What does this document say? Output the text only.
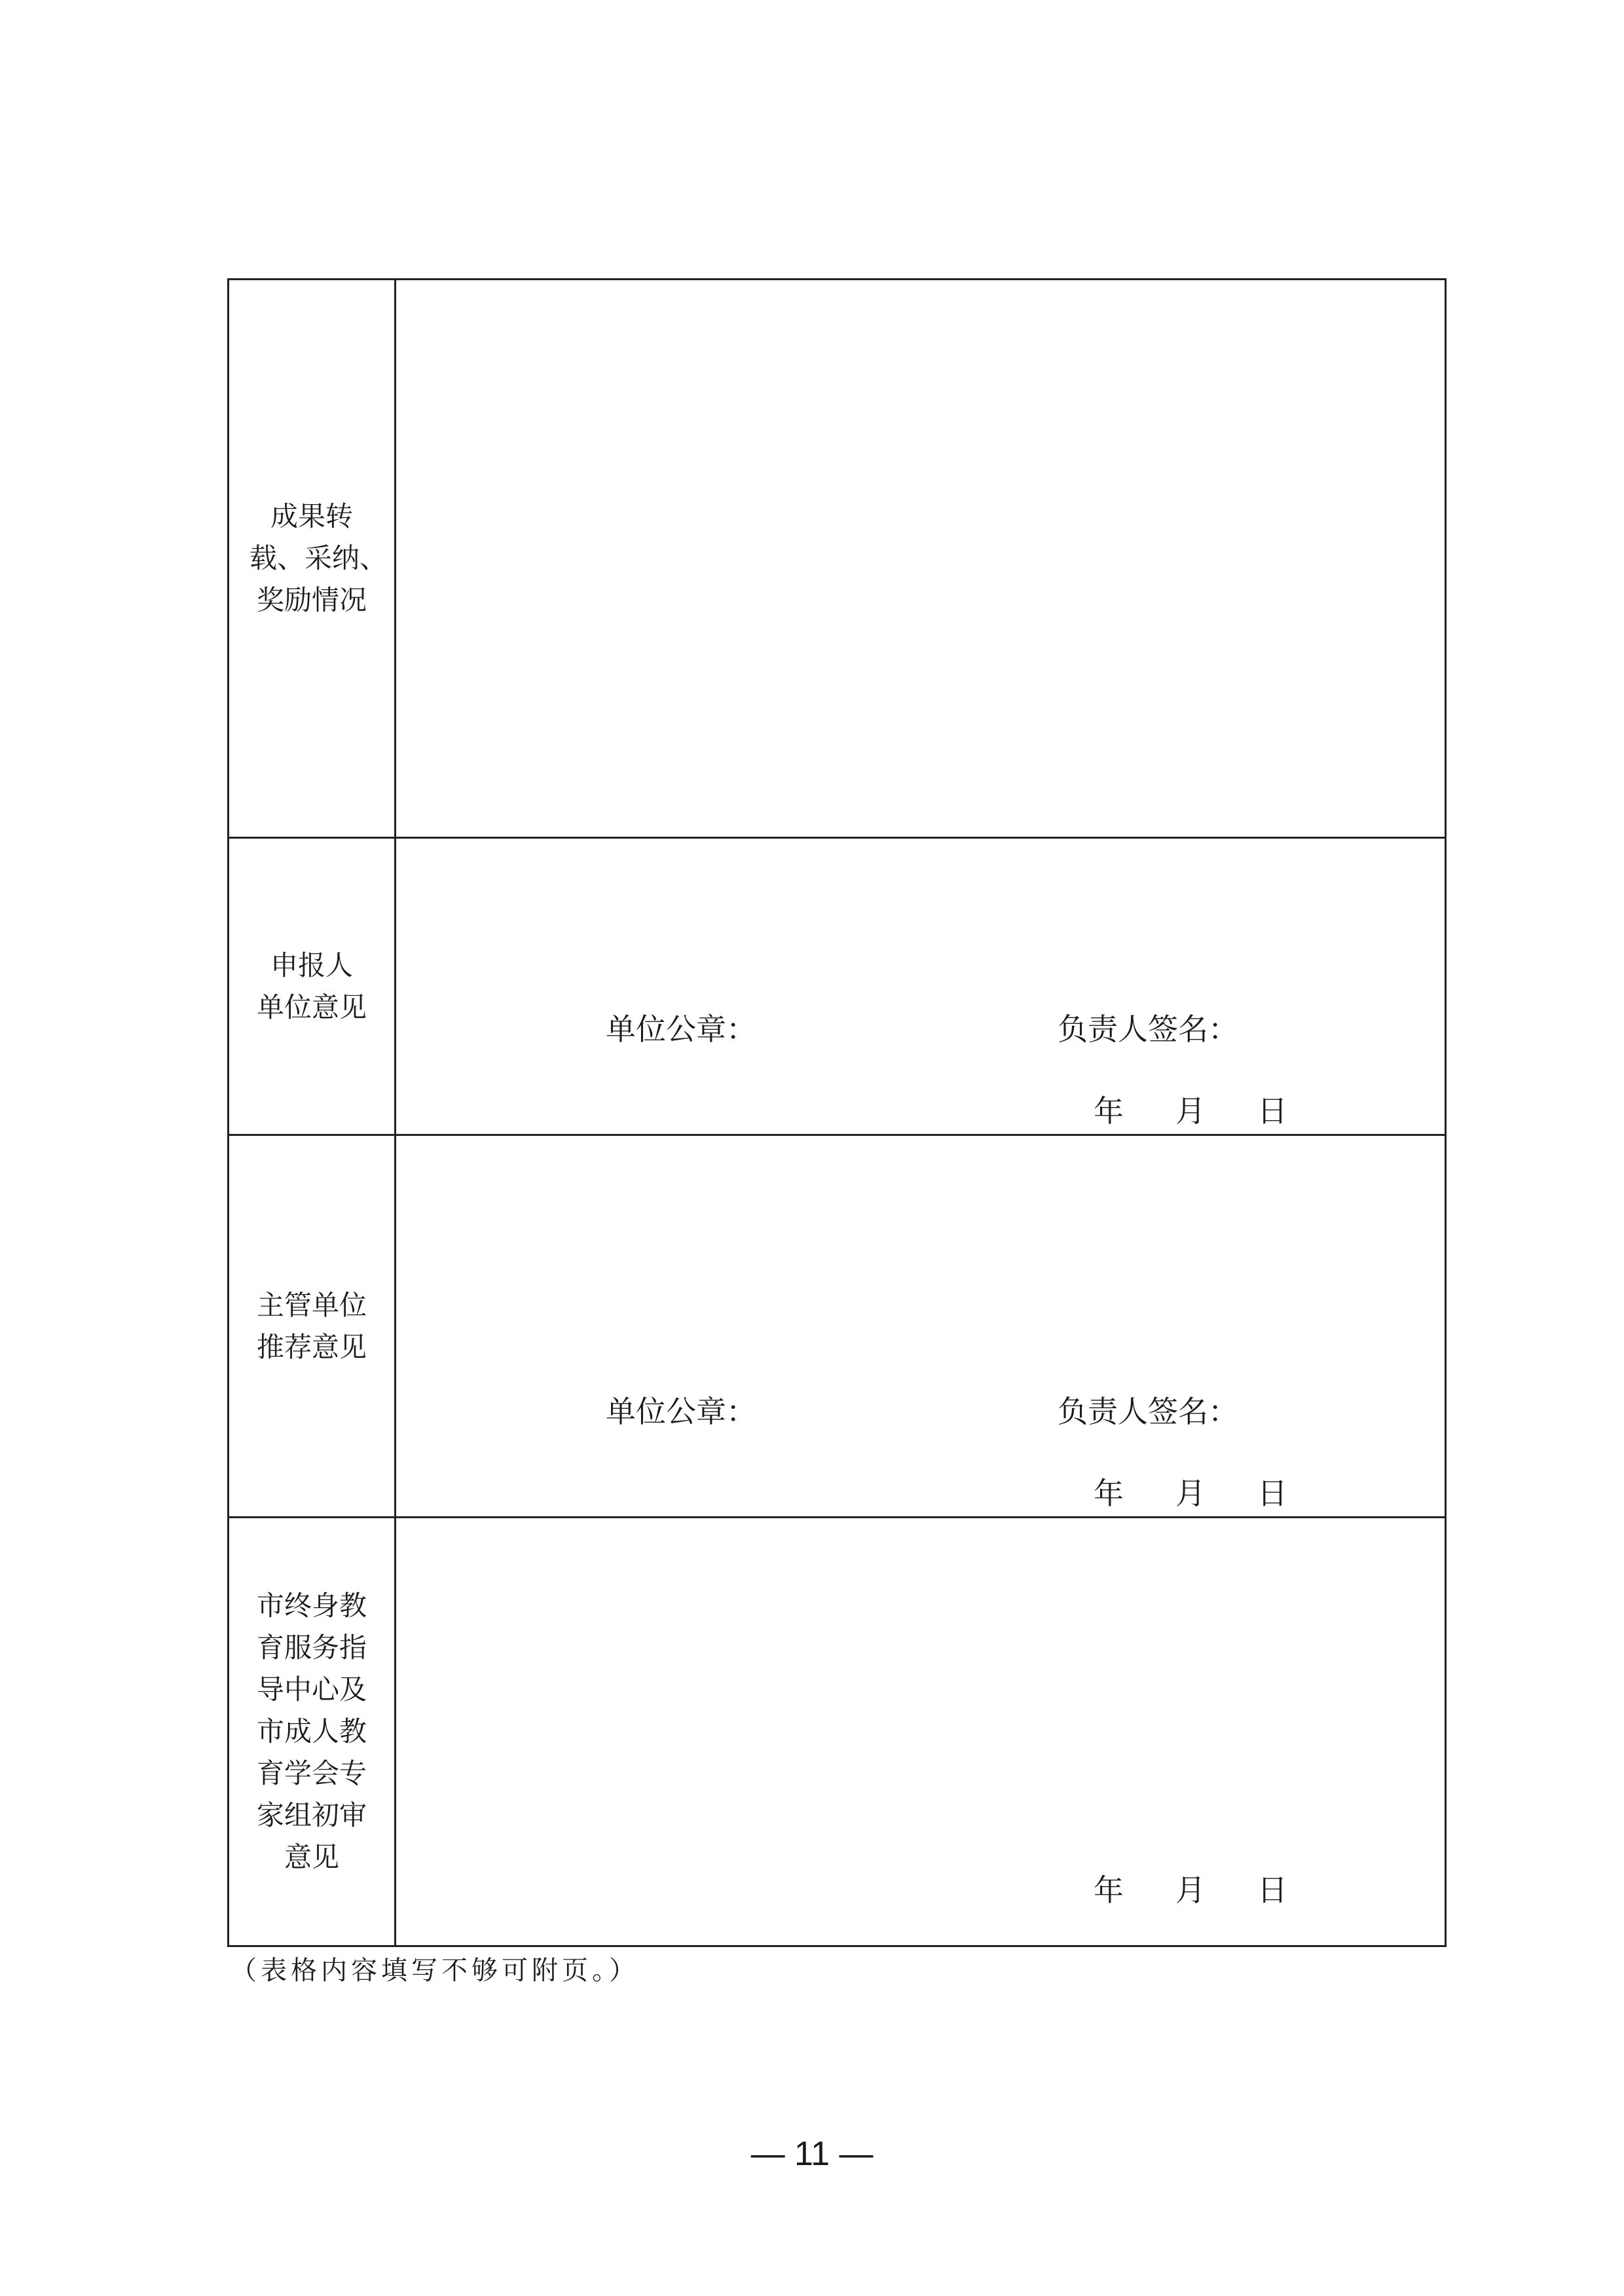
成果转
载、采纳、
奖励情况
申报人
单位意见
单位公章：	负责人签名：
年 月 日
主管单位
推荐意见
单位公章：	负责人签名：
年 月 日
市终身教
育服务指
导中心及
市成人教
育学会专
家组初审
意见
年 月 日
（表格内容填写不够可附页。）
— 11 —
